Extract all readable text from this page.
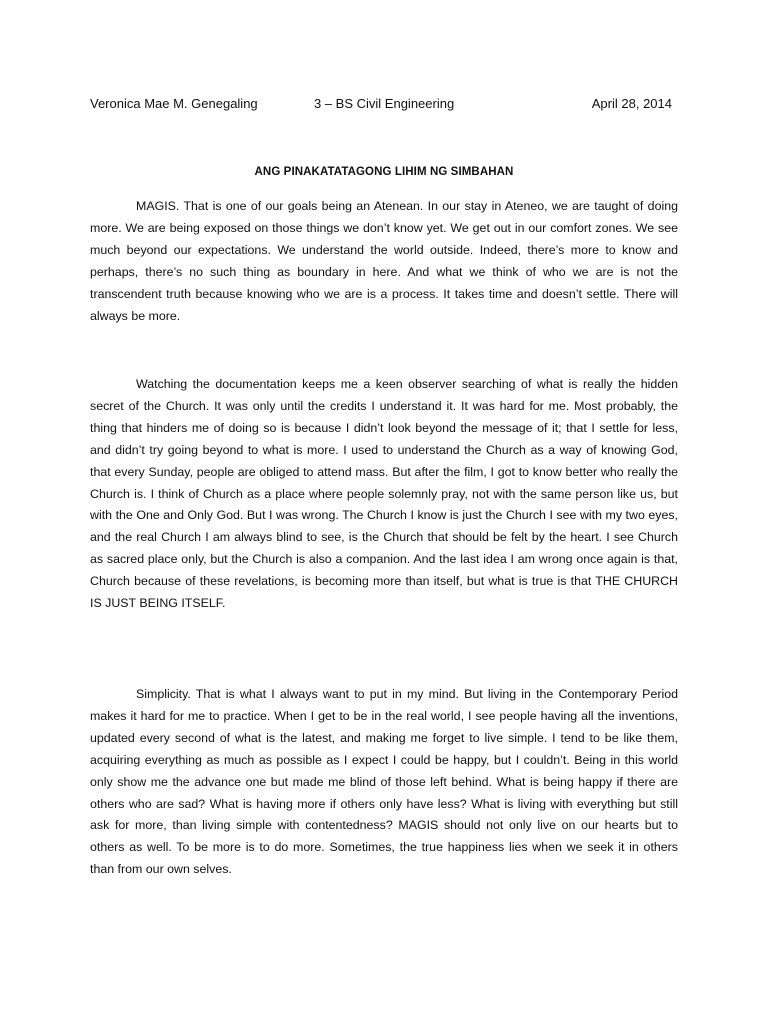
Veronica Mae M. Genegaling	3 – BS Civil Engineering	April 28, 2014
ANG PINAKATATAGONG LIHIM NG SIMBAHAN

MAGIS. That is one of our goals being an Atenean. In our stay in Ateneo, we are taught of doing more. We are being exposed on those things we don’t know yet. We get out in our comfort zones. We see much beyond our expectations. We understand the world outside. Indeed, there’s more to know and perhaps, there’s no such thing as boundary in here. And what we think of who we are is not the transcendent truth because knowing who we are is a process. It takes time and doesn’t settle. There will always be more.

Watching the documentation keeps me a keen observer searching of what is really the hidden secret of the Church. It was only until the credits I understand it. It was hard for me. Most probably, the thing that hinders me of doing so is because I didn’t look beyond the message of it; that I settle for less, and didn’t try going beyond to what is more. I used to understand the Church as a way of knowing God, that every Sunday, people are obliged to attend mass. But after the film, I got to know better who really the Church is. I think of Church as a place where people solemnly pray, not with the same person like us, but with the One and Only God. But I was wrong. The Church I know is just the Church I see with my two eyes, and the real Church I am always blind to see, is the Church that should be felt by the heart. I see Church as sacred place only, but the Church is also a companion. And the last idea I am wrong once again is that, Church because of these revelations, is becoming more than itself, but what is true is that THE CHURCH IS JUST BEING ITSELF.

Simplicity. That is what I always want to put in my mind. But living in the Contemporary Period makes it hard for me to practice. When I get to be in the real world, I see people having all the inventions, updated every second of what is the latest, and making me forget to live simple. I tend to be like them, acquiring everything as much as possible as I expect I could be happy, but I couldn’t. Being in this world only show me the advance one but made me blind of those left behind. What is being happy if there are others who are sad? What is having more if others only have less? What is living with everything but still ask for more, than living simple with contentedness? MAGIS should not only live on our hearts but to others as well. To be more is to do more. Sometimes, the true happiness lies when we seek it in others than from our own selves.
